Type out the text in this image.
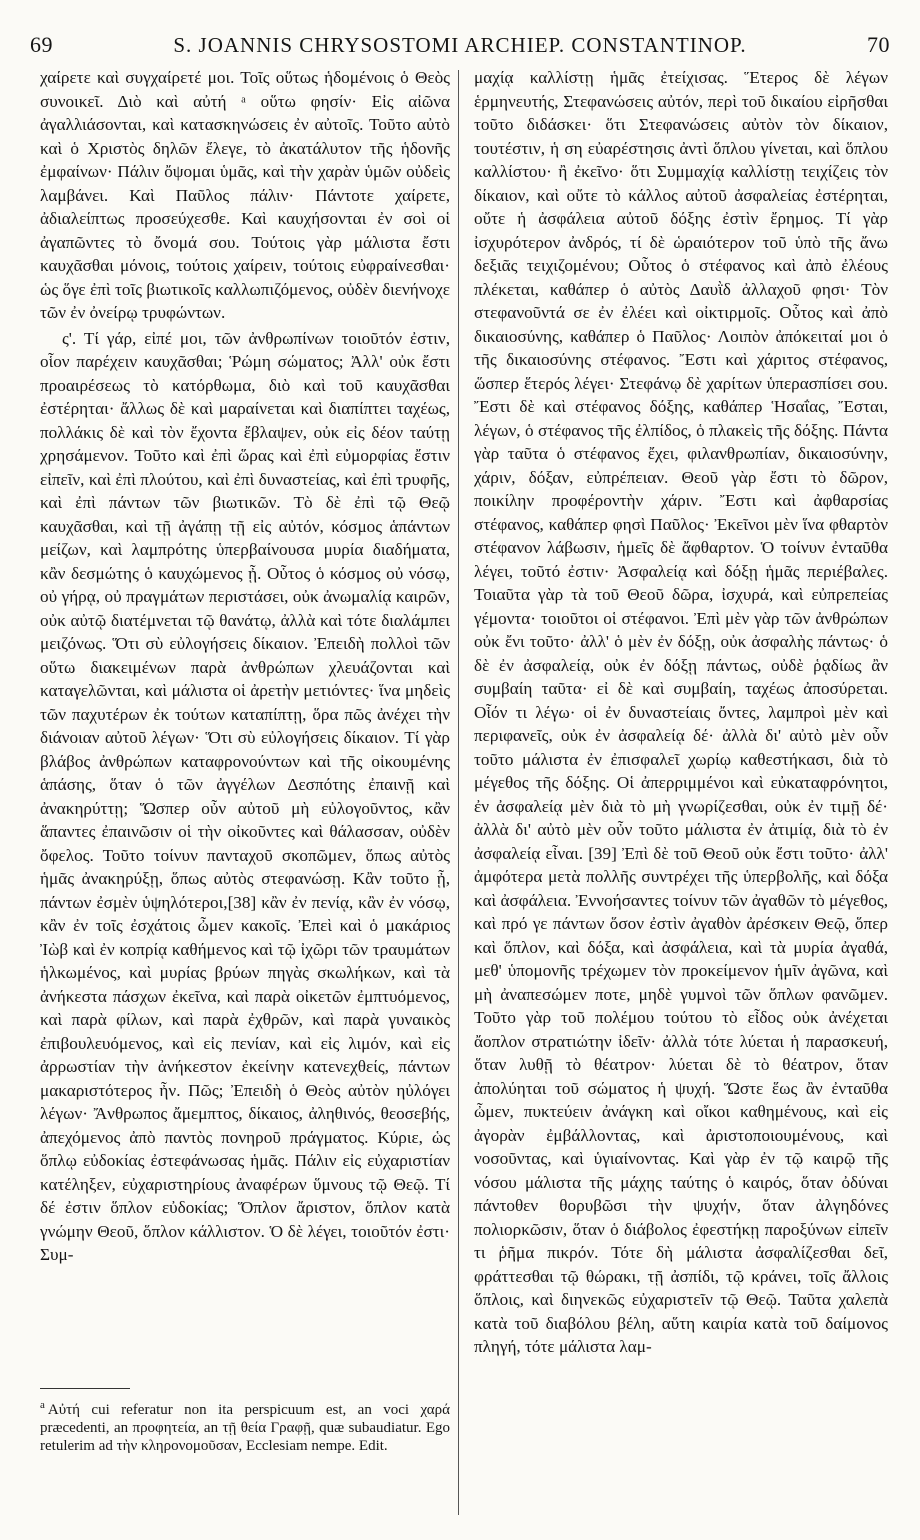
69	S. JOANNIS CHRYSOSTOMI ARCHIEP. CONSTANTINOP.	70

χαίρετε καὶ συγχαίρετέ μοι. Τοῖς οὕτως ἡδομένοις ὁ Θεὸς συνοικεῖ. Διὸ καὶ αὐτή ᵃ οὕτω φησίν· Εἰς αἰῶνα ἀγαλλιάσονται, καὶ κατασκηνώσεις ἐν αὐτοῖς. Τοῦτο αὐτὸ καὶ ὁ Χριστὸς δηλῶν ἔλεγε, τὸ ἀκατάλυτον τῆς ἡδονῆς ἐμφαίνων· Πάλιν ὄψομαι ὑμᾶς, καὶ τὴν χαρὰν ὑμῶν οὐδεὶς λαμβάνει. Καὶ Παῦλος πάλιν· Πάντοτε χαίρετε, ἀδιαλείπτως προσεύχεσθε. Καὶ καυχήσονται ἐν σοὶ οἱ ἀγαπῶντες τὸ ὄνομά σου. Τούτοις γὰρ μάλιστα ἔστι καυχᾶσθαι μόνοις, τούτοις χαίρειν, τούτοις εὐφραίνεσθαι· ὡς ὅγε ἐπὶ τοῖς βιωτικοῖς καλλωπιζόμενος, οὐδὲν διενήνοχε τῶν ἐν ὀνείρῳ τρυφώντων.

ς'. Τί γάρ, εἰπέ μοι, τῶν ἀνθρωπίνων τοιοῦτόν ἐστιν, οἷον παρέχειν καυχᾶσθαι; Ῥώμη σώματος; Ἀλλ' οὐκ ἔστι προαιρέσεως τὸ κατόρθωμα, διὸ καὶ τοῦ καυχᾶσθαι ἐστέρηται· ἄλλως δὲ καὶ μαραίνεται καὶ διαπίπτει ταχέως, πολλάκις δὲ καὶ τὸν ἔχοντα ἔβλαψεν, οὐκ εἰς δέον ταύτῃ χρησάμενον. Τοῦτο καὶ ἐπὶ ὥρας καὶ ἐπὶ εὐμορφίας ἔστιν εἰπεῖν, καὶ ἐπὶ πλούτου, καὶ ἐπὶ δυναστείας, καὶ ἐπὶ τρυφῆς, καὶ ἐπὶ πάντων τῶν βιωτικῶν. Τὸ δὲ ἐπὶ τῷ Θεῷ καυχᾶσθαι, καὶ τῇ ἀγάπῃ τῇ εἰς αὐτόν, κόσμος ἁπάντων μείζων, καὶ λαμπρότης ὑπερβαίνουσα μυρία διαδήματα, κἂν δεσμώτης ὁ καυχώμενος ᾖ. Οὗτος ὁ κόσμος οὐ νόσῳ, οὐ γήρᾳ, οὐ πραγμάτων περιστάσει, οὐκ ἀνωμαλίᾳ καιρῶν, οὐκ αὐτῷ διατέμνεται τῷ θανάτῳ, ἀλλὰ καὶ τότε διαλάμπει μειζόνως. Ὅτι σὺ εὐλογήσεις δίκαιον. Ἐπειδὴ πολλοὶ τῶν οὕτω διακειμένων παρὰ ἀνθρώπων χλευάζονται καὶ καταγελῶνται, καὶ μάλιστα οἱ ἀρετὴν μετιόντες· ἵνα μηδεὶς τῶν παχυτέρων ἐκ τούτων καταπίπτῃ, ὅρα πῶς ἀνέχει τὴν διάνοιαν αὐτοῦ λέγων· Ὅτι σὺ εὐλογήσεις δίκαιον. Τί γὰρ βλάβος ἀνθρώπων καταφρονούντων καὶ τῆς οἰκουμένης ἁπάσης, ὅταν ὁ τῶν ἀγγέλων Δεσπότης ἐπαινῇ καὶ ἀνακηρύττῃ; Ὥσπερ οὖν αὐτοῦ μὴ εὐλογοῦντος, κἂν ἅπαντες ἐπαινῶσιν οἱ τὴν οἰκοῦντες καὶ θάλασσαν, οὐδὲν ὄφελος. Τοῦτο τοίνυν πανταχοῦ σκοπῶμεν, ὅπως αὐτὸς ἡμᾶς ἀνακηρύξῃ, ὅπως αὐτὸς στεφανώσῃ. Κἂν τοῦτο ᾖ, πάντων ἐσμὲν ὑψηλότεροι,[38] κἂν ἐν πενίᾳ, κἂν ἐν νόσῳ, κἂν ἐν τοῖς ἐσχάτοις ὦμεν κακοῖς. Ἐπεὶ καὶ ὁ μακάριος Ἰὼβ καὶ ἐν κοπρίᾳ καθήμενος καὶ τῷ ἰχῶρι τῶν τραυμάτων ἡλκωμένος, καὶ μυρίας βρύων πηγὰς σκωλήκων, καὶ τὰ ἀνήκεστα πάσχων ἐκεῖνα, καὶ παρὰ οἰκετῶν ἐμπτυόμενος, καὶ παρὰ φίλων, καὶ παρὰ ἐχθρῶν, καὶ παρὰ γυναικὸς ἐπιβουλευόμενος, καὶ εἰς πενίαν, καὶ εἰς λιμόν, καὶ εἰς ἀρρωστίαν τὴν ἀνήκεστον ἐκείνην κατενεχθείς, πάντων μακαριστότερος ἦν. Πῶς; Ἐπειδὴ ὁ Θεὸς αὐτὸν ηὐλόγει λέγων· Ἄνθρωπος ἄμεμπτος, δίκαιος, ἀληθινός, θεοσεβής, ἀπεχόμενος ἀπὸ παντὸς πονηροῦ πράγματος. Κύριε, ὡς ὅπλῳ εὐδοκίας ἐστεφάνωσας ἡμᾶς. Πάλιν εἰς εὐχαριστίαν κατέληξεν, εὐχαριστηρίους ἀναφέρων ὕμνους τῷ Θεῷ. Τί δέ ἐστιν ὅπλον εὐδοκίας; Ὅπλον ἄριστον, ὅπλον κατὰ γνώμην Θεοῦ, ὅπλον κάλλιστον. Ὁ δὲ λέγει, τοιοῦτόν ἐστι· Συμ-

μαχίᾳ καλλίστῃ ἡμᾶς ἐτείχισας. Ἕτερος δὲ λέγων ἑρμηνευτής, Στεφανώσεις αὐτόν, περὶ τοῦ δικαίου εἰρῆσθαι τοῦτο διδάσκει· ὅτι Στεφανώσεις αὐτὸν τὸν δίκαιον, τουτέστιν, ἡ ση εὐαρέστησις ἀντὶ ὅπλου γίνεται, καὶ ὅπλου καλλίστου· ἢ ἐκεῖνο· ὅτι Συμμαχίᾳ καλλίστῃ τειχίζεις τὸν δίκαιον, καὶ οὔτε τὸ κάλλος αὐτοῦ ἀσφαλείας ἐστέρηται, οὔτε ἡ ἀσφάλεια αὐτοῦ δόξης ἐστὶν ἔρημος. Τί γὰρ ἰσχυρότερον ἀνδρός, τί δὲ ὡραιότερον τοῦ ὑπὸ τῆς ἄνω δεξιᾶς τειχιζομένου; Οὗτος ὁ στέφανος καὶ ἀπὸ ἐλέους πλέκεται, καθάπερ ὁ αὐτὸς Δαυῒδ ἀλλαχοῦ φησι· Τὸν στεφανοῦντά σε ἐν ἐλέει καὶ οἰκτιρμοῖς. Οὗτος καὶ ἀπὸ δικαιοσύνης, καθάπερ ὁ Παῦλος· Λοιπὸν ἀπόκειταί μοι ὁ τῆς δικαιοσύνης στέφανος. Ἔστι καὶ χάριτος στέφανος, ὥσπερ ἕτερός λέγει· Στεφάνῳ δὲ χαρίτων ὑπερασπίσει σου. Ἔστι δὲ καὶ στέφανος δόξης, καθάπερ Ἡσαΐας, Ἔσται, λέγων, ὁ στέφανος τῆς ἐλπίδος, ὁ πλακεὶς τῆς δόξης. Πάντα γὰρ ταῦτα ὁ στέφανος ἔχει, φιλανθρωπίαν, δικαιοσύνην, χάριν, δόξαν, εὐπρέπειαν. Θεοῦ γὰρ ἔστι τὸ δῶρον, ποικίλην προφέροντὴν χάριν. Ἔστι καὶ ἀφθαρσίας στέφανος, καθάπερ φησὶ Παῦλος· Ἐκεῖνοι μὲν ἵνα φθαρτὸν στέφανον λάβωσιν, ἡμεῖς δὲ ἄφθαρτον. Ὁ τοίνυν ἐνταῦθα λέγει, τοῦτό ἐστιν· Ἀσφαλείᾳ καὶ δόξῃ ἡμᾶς περιέβαλες. Τοιαῦτα γὰρ τὰ τοῦ Θεοῦ δῶρα, ἰσχυρά, καὶ εὐπρεπείας γέμοντα· τοιοῦτοι οἱ στέφανοι. Ἐπὶ μὲν γὰρ τῶν ἀνθρώπων οὐκ ἔνι τοῦτο· ἀλλ' ὁ μὲν ἐν δόξῃ, οὐκ ἀσφαλὴς πάντως· ὁ δὲ ἐν ἀσφαλείᾳ, οὐκ ἐν δόξῃ πάντως, οὐδὲ ῥᾳδίως ἂν συμβαίη ταῦτα· εἰ δὲ καὶ συμβαίη, ταχέως ἀποσύρεται. Οἷόν τι λέγω· οἱ ἐν δυναστείαις ὄντες, λαμπροὶ μὲν καὶ περιφανεῖς, οὐκ ἐν ἀσφαλείᾳ δέ· ἀλλὰ δι' αὐτὸ μὲν οὖν τοῦτο μάλιστα ἐν ἐπισφαλεῖ χωρίῳ καθεστήκασι, διὰ τὸ μέγεθος τῆς δόξης. Οἱ ἀπερριμμένοι καὶ εὐκαταφρόνητοι, ἐν ἀσφαλείᾳ μὲν διὰ τὸ μὴ γνωρίζεσθαι, οὐκ ἐν τιμῇ δέ· ἀλλὰ δι' αὐτὸ μὲν οὖν τοῦτο μάλιστα ἐν ἀτιμίᾳ, διὰ τὸ ἐν ἀσφαλείᾳ εἶναι. [39] Ἐπὶ δὲ τοῦ Θεοῦ οὐκ ἔστι τοῦτο· ἀλλ' ἀμφότερα μετὰ πολλῆς συντρέχει τῆς ὑπερβολῆς, καὶ δόξα καὶ ἀσφάλεια. Ἐννοήσαντες τοίνυν τῶν ἀγαθῶν τὸ μέγεθος, καὶ πρό γε πάντων ὅσον ἐστὶν ἀγαθὸν ἀρέσκειν Θεῷ, ὅπερ καὶ ὅπλον, καὶ δόξα, καὶ ἀσφάλεια, καὶ τὰ μυρία ἀγαθά, μεθ' ὑπομονῆς τρέχωμεν τὸν προκείμενον ἡμῖν ἀγῶνα, καὶ μὴ ἀναπεσώμεν ποτε, μηδὲ γυμνοὶ τῶν ὅπλων φανῶμεν. Τοῦτο γὰρ τοῦ πολέμου τούτου τὸ εἶδος οὐκ ἀνέχεται ἄοπλον στρατιώτην ἰδεῖν· ἀλλὰ τότε λύεται ἡ παρασκευή, ὅταν λυθῇ τὸ θέατρον· λύεται δὲ τὸ θέατρον, ὅταν ἀπολύηται τοῦ σώματος ἡ ψυχή. Ὥστε ἕως ἂν ἐνταῦθα ὦμεν, πυκτεύειν ἀνάγκη καὶ οἴκοι καθημένους, καὶ εἰς ἀγορὰν ἐμβάλλοντας, καὶ ἀριστοποιουμένους, καὶ νοσοῦντας, καὶ ὑγιαίνοντας. Καὶ γὰρ ἐν τῷ καιρῷ τῆς νόσου μάλιστα τῆς μάχης ταύτης ὁ καιρός, ὅταν ὀδύναι πάντοθεν θορυβῶσι τὴν ψυχήν, ὅταν ἀλγηδόνες πολιορκῶσιν, ὅταν ὁ διάβολος ἐφεστήκῃ παροξύνων εἰπεῖν τι ῥῆμα πικρόν. Τότε δὴ μάλιστα ἀσφαλίζεσθαι δεῖ, φράττεσθαι τῷ θώρακι, τῇ ἀσπίδι, τῷ κράνει, τοῖς ἄλλοις ὅπλοις, καὶ διηνεκῶς εὐχαριστεῖν τῷ Θεῷ. Ταῦτα χαλεπὰ κατὰ τοῦ διαβόλου βέλη, αὕτη καιρία κατὰ τοῦ δαίμονος πληγή, τότε μάλιστα λαμ-

$^a$ Αὐτή cui referatur non ita perspicuum est, an voci χαρά præcedenti, an προφητεία, an τῇ θεία Γραφῇ, quæ subaudiatur. Ego retulerim ad τὴν κληρονομοῦσαν, Ecclesiam nempe. Edit.
